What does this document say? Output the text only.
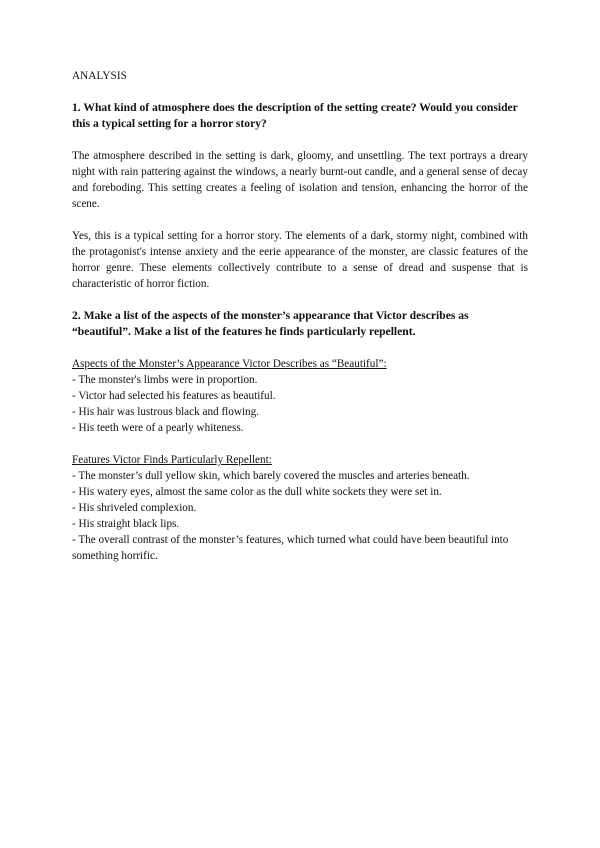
ANALYSIS

1. What kind of atmosphere does the description of the setting create? Would you consider this a typical setting for a horror story?

The atmosphere described in the setting is dark, gloomy, and unsettling. The text portrays a dreary night with rain pattering against the windows, a nearly burnt-out candle, and a general sense of decay and foreboding. This setting creates a feeling of isolation and tension, enhancing the horror of the scene.

Yes, this is a typical setting for a horror story. The elements of a dark, stormy night, combined with the protagonist's intense anxiety and the eerie appearance of the monster, are classic features of the horror genre. These elements collectively contribute to a sense of dread and suspense that is characteristic of horror fiction.

2. Make a list of the aspects of the monster’s appearance that Victor describes as “beautiful”. Make a list of the features he finds particularly repellent.

Aspects of the Monster’s Appearance Victor Describes as “Beautiful”:

- The monster's limbs were in proportion.
- Victor had selected his features as beautiful.
- His hair was lustrous black and flowing.
- His teeth were of a pearly whiteness.

Features Victor Finds Particularly Repellent:

- The monster’s dull yellow skin, which barely covered the muscles and arteries beneath.
- His watery eyes, almost the same color as the dull white sockets they were set in.
- His shriveled complexion.
- His straight black lips.
- The overall contrast of the monster’s features, which turned what could have been beautiful into something horrific.
